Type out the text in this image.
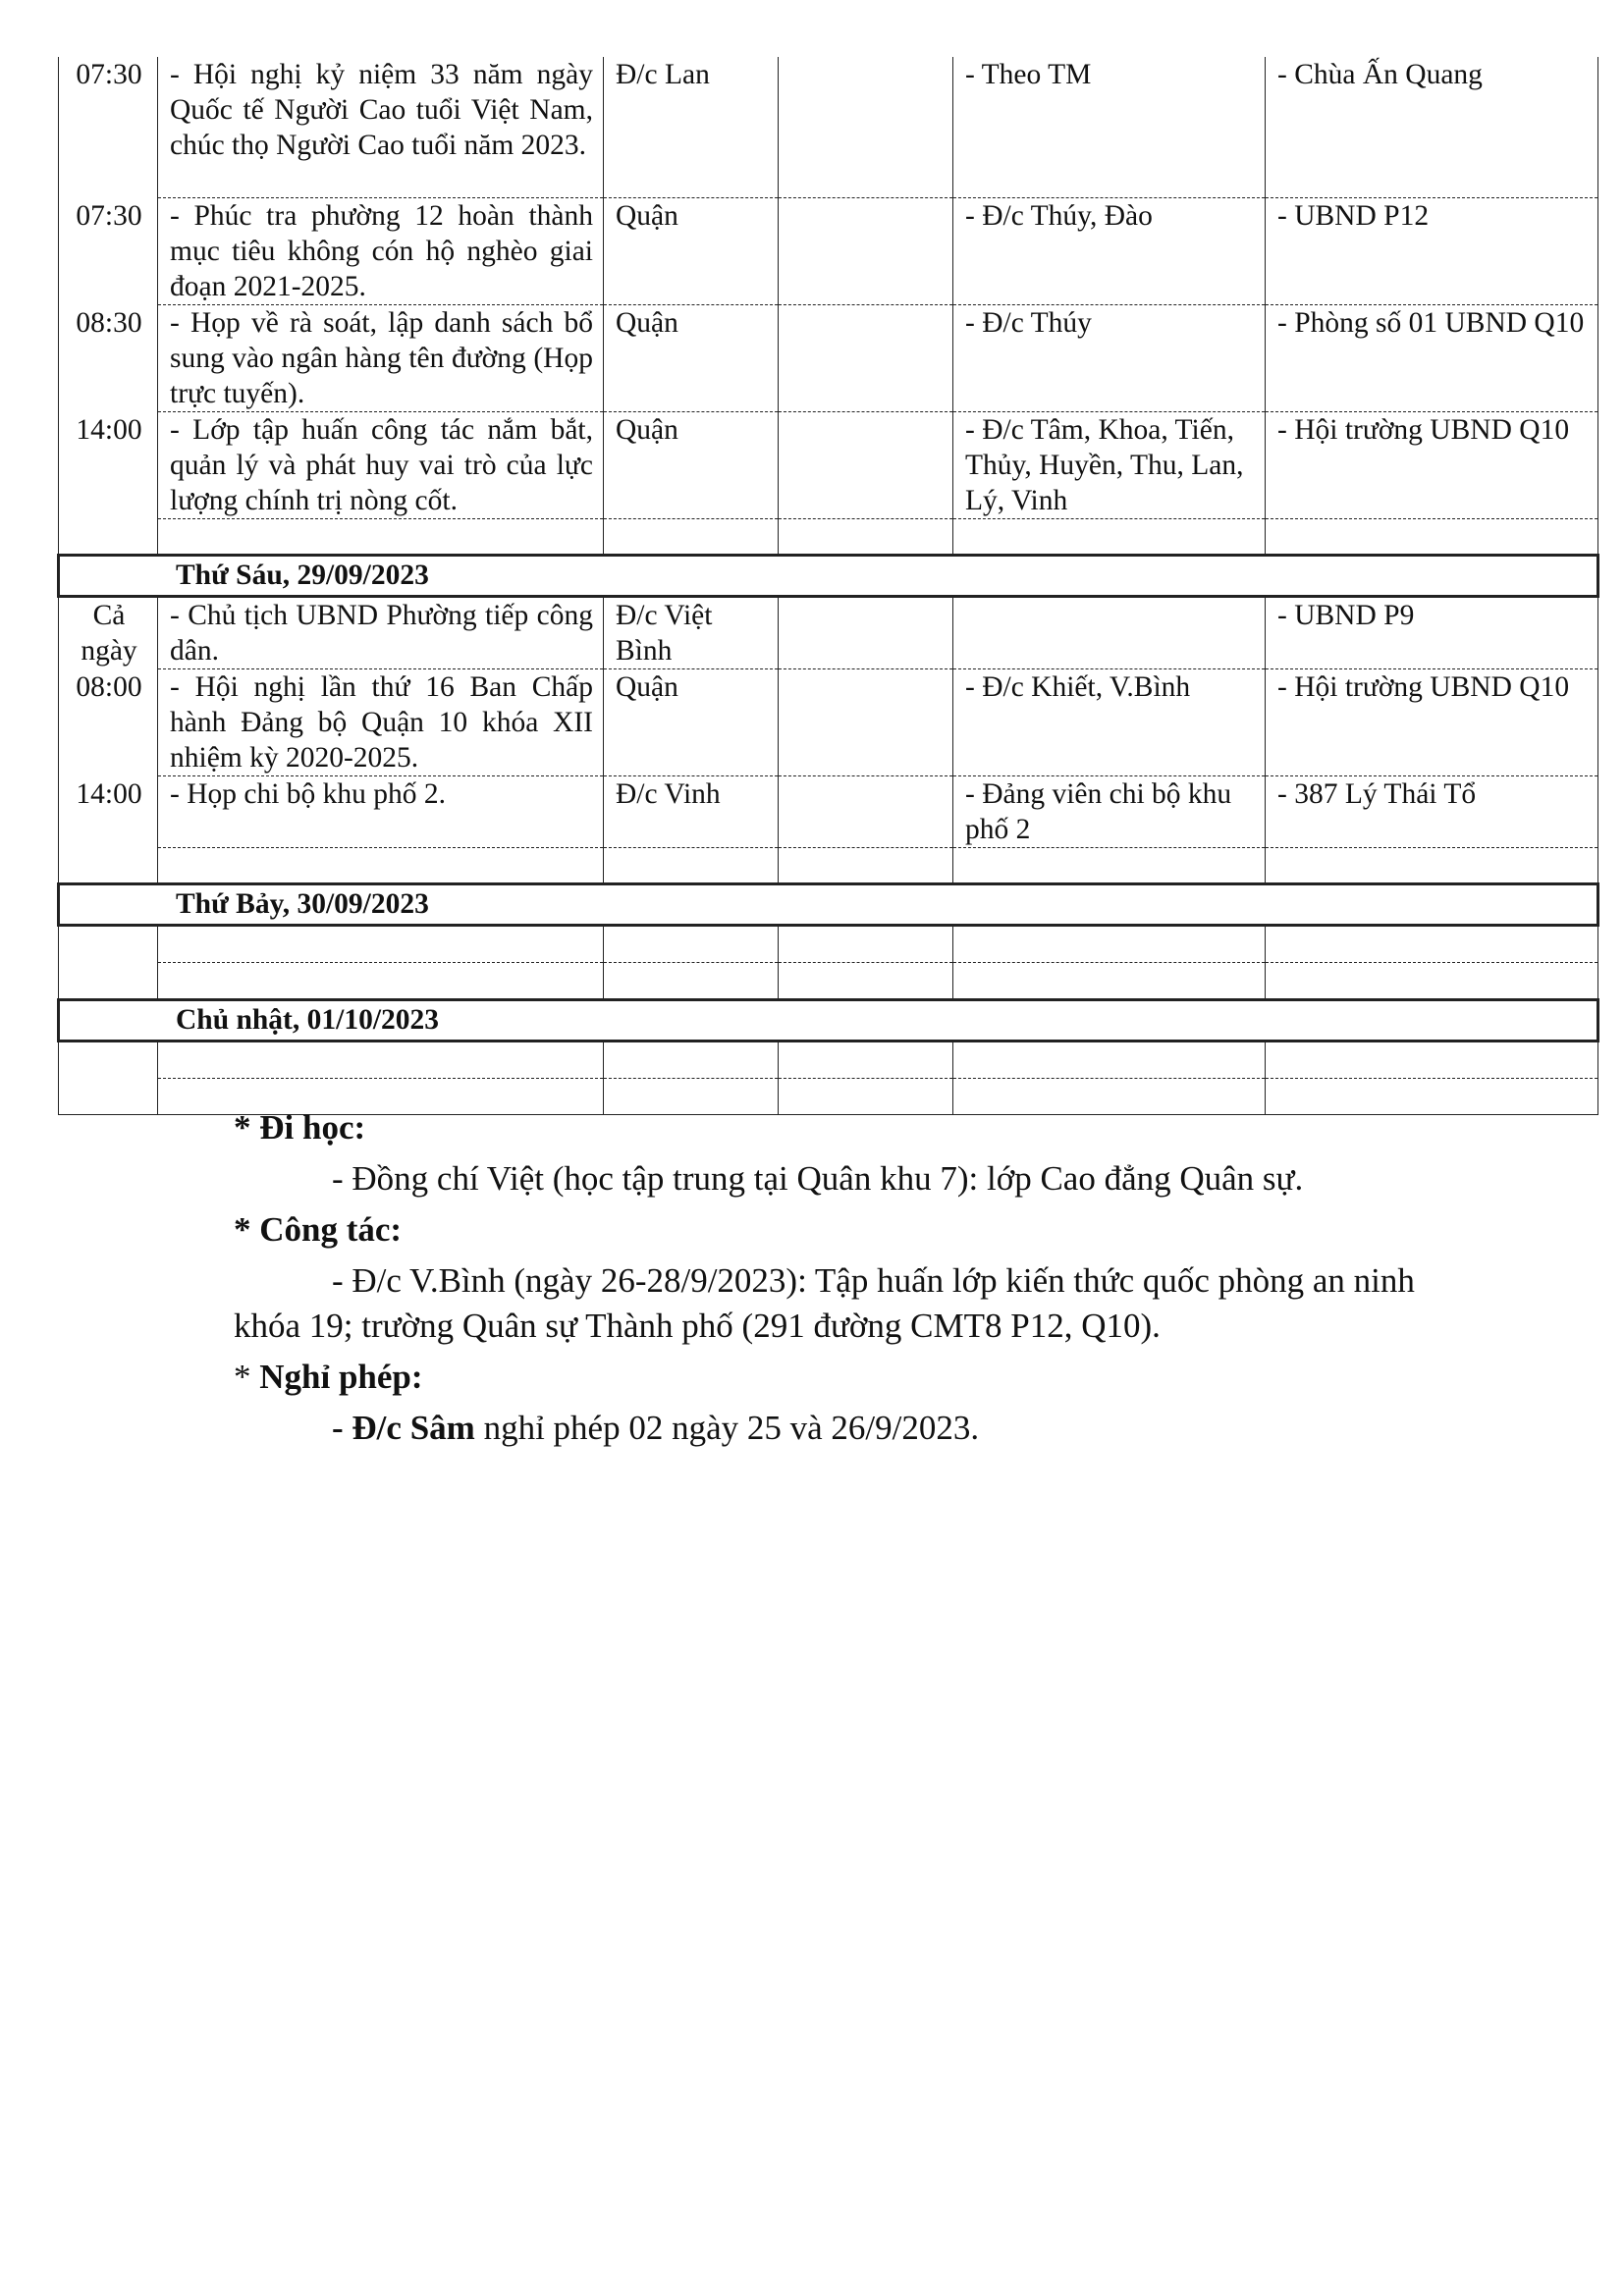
07:30	- Hội nghị kỷ niệm 33 năm ngày Quốc tế Người Cao tuổi Việt Nam, chúc thọ Người Cao tuổi năm 2023.	Đ/c Lan		- Theo TM	- Chùa Ấn Quang
07:30	- Phúc tra phường 12 hoàn thành mục tiêu không cón hộ nghèo giai đoạn 2021-2025.	Quận		- Đ/c Thúy, Đào	- UBND P12
08:30	- Họp về rà soát, lập danh sách bổ sung vào ngân hàng tên đường (Họp trực tuyến).	Quận		- Đ/c Thúy	- Phòng số 01 UBND Q10
14:00	- Lớp tập huấn công tác nắm bắt, quản lý và phát huy vai trò của lực lượng chính trị nòng cốt.	Quận		- Đ/c Tâm, Khoa, Tiến, Thủy, Huyền, Thu, Lan, Lý, Vinh	- Hội trường UBND Q10

Thứ Sáu, 29/09/2023					
Cả ngày	- Chủ tịch UBND Phường tiếp công dân.	Đ/c Việt Bình			- UBND P9
08:00	- Hội nghị lần thứ 16 Ban Chấp hành Đảng bộ Quận 10 khóa XII nhiệm kỳ 2020-2025.	Quận		- Đ/c Khiết, V.Bình	- Hội trường UBND Q10
14:00	- Họp chi bộ khu phố 2.	Đ/c Vinh		- Đảng viên chi bộ khu phố 2	- 387 Lý Thái Tổ

Thứ Bảy, 30/09/2023					

Chủ nhật, 01/10/2023					

* Đi học:

- Đồng chí Việt (học tập trung tại Quân khu 7): lớp Cao đẳng Quân sự.

* Công tác:

- Đ/c V.Bình (ngày 26-28/9/2023): Tập huấn lớp kiến thức quốc phòng an ninh khóa 19; trường Quân sự Thành phố (291 đường CMT8 P12, Q10).

* Nghỉ phép:

- Đ/c Sâm nghỉ phép 02 ngày 25 và 26/9/2023.
